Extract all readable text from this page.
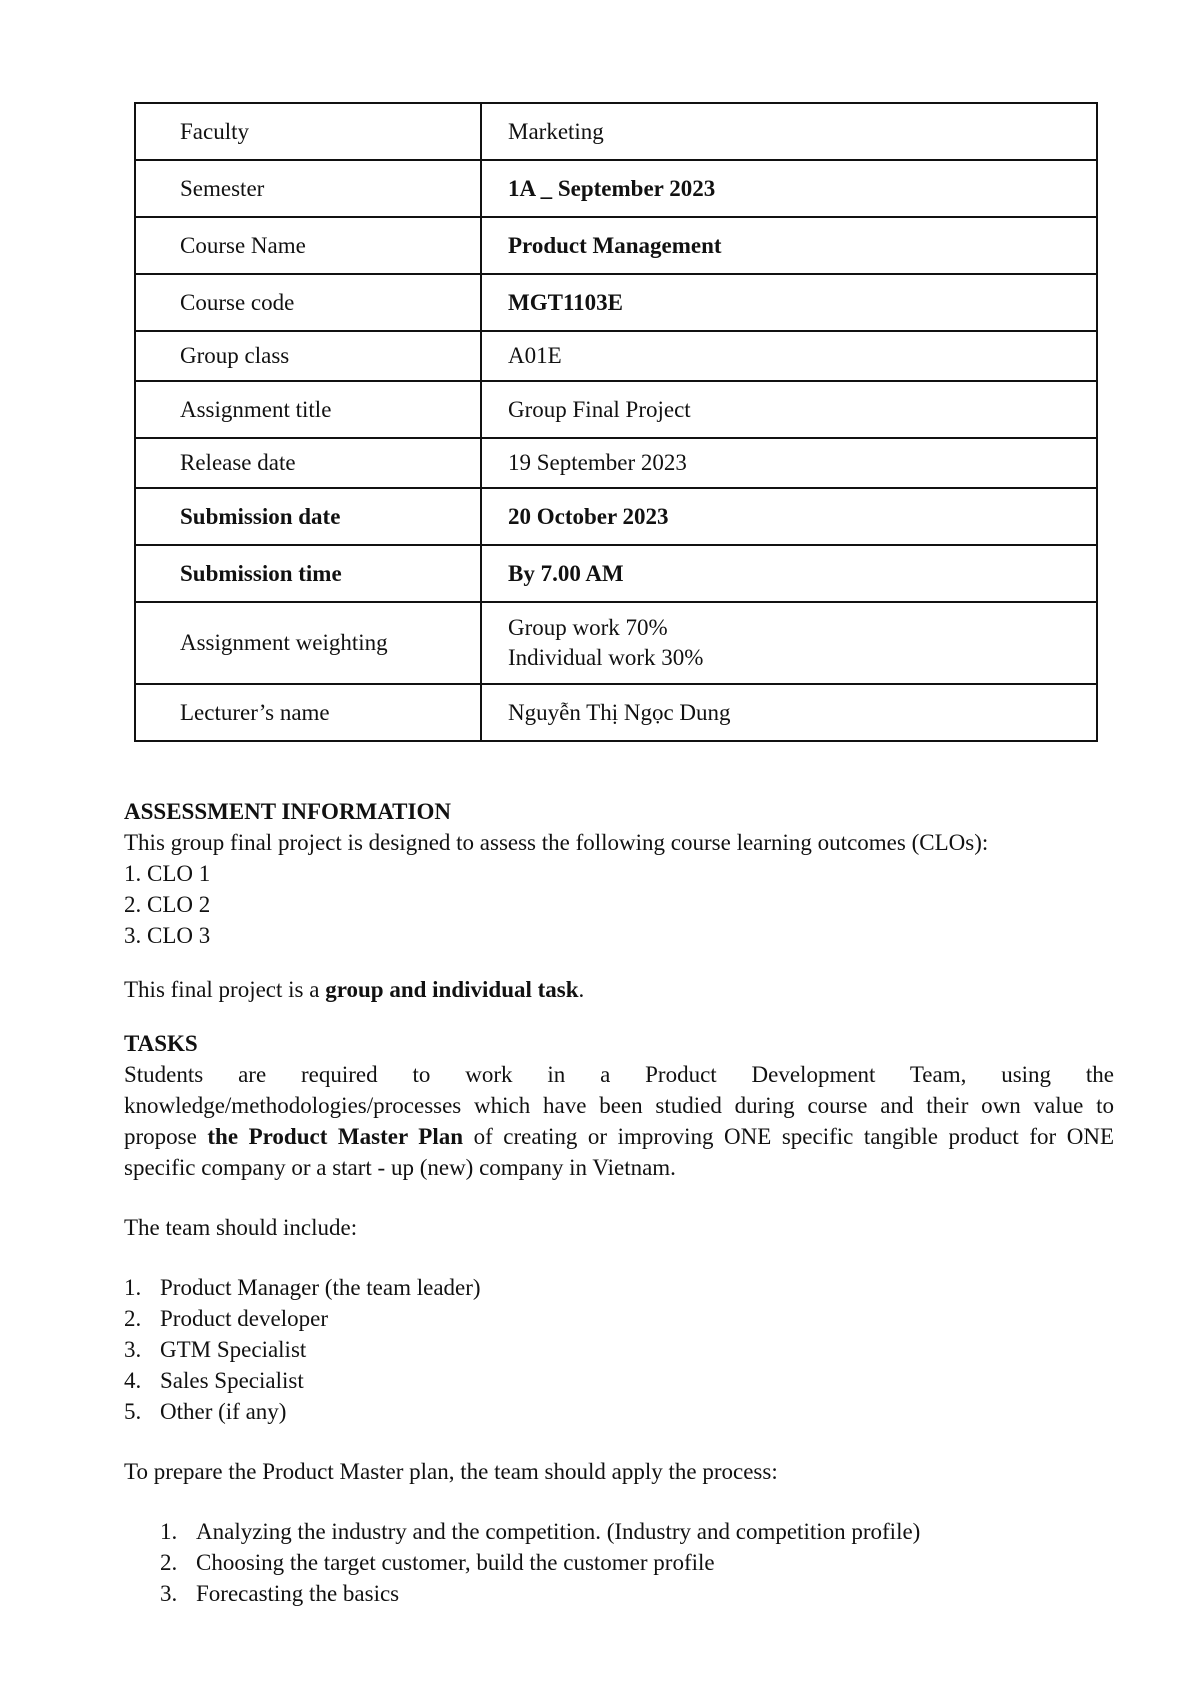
Faculty	Marketing
Semester	1A _ September 2023
Course Name	Product Management
Course code	MGT1103E
Group class	A01E
Assignment title	Group Final Project
Release date	19 September 2023
Submission date	20 October 2023
Submission time	By 7.00 AM
Assignment weighting	Group work 70%
Individual work 30%

Lecturer’s name	Nguyễn Thị Ngọc Dung

ASSESSMENT INFORMATION

This group final project is designed to assess the following course learning outcomes (CLOs):

1. CLO 1

2. CLO 2

3. CLO 3

This final project is a group and individual task.

TASKS

Students are required to work in a Product Development Team, using the knowledge/methodologies/processes which have been studied during course and their own value to propose the Product Master Plan of creating or improving ONE specific tangible product for ONE specific company or a start - up (new) company in Vietnam.

The team should include:

1. Product Manager (the team leader)
2. Product developer
3. GTM Specialist
4. Sales Specialist
5. Other (if any)

To prepare the Product Master plan, the team should apply the process:

1. Analyzing the industry and the competition. (Industry and competition profile)
2. Choosing the target customer, build the customer profile
3. Forecasting the basics
